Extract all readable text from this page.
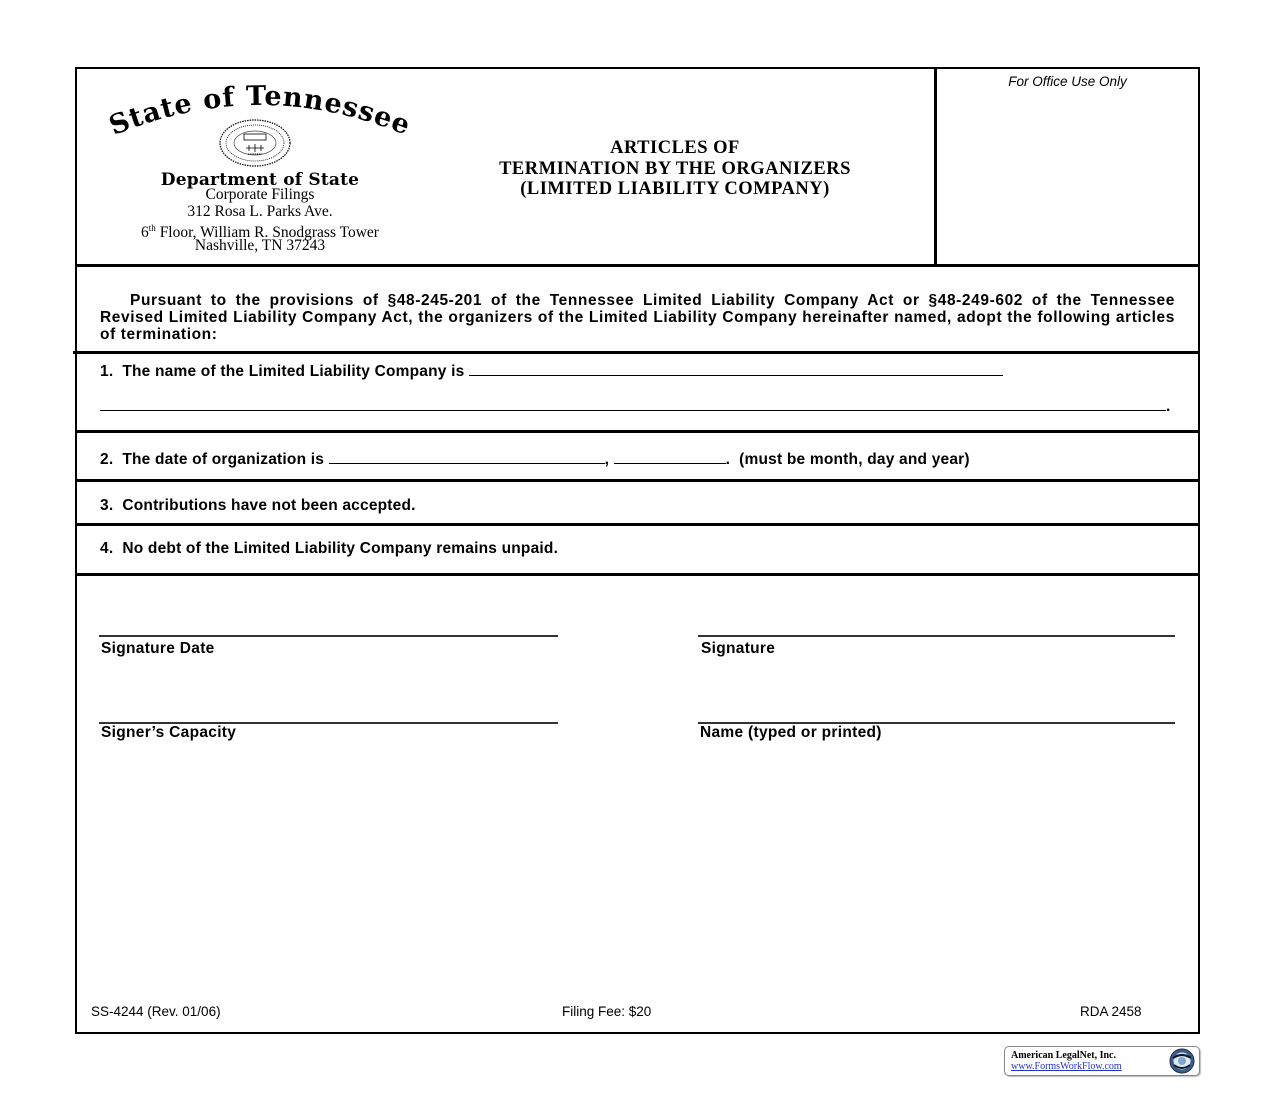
State of Tennessee
Department of State
Corporate Filings
312 Rosa L. Parks Ave.
6th Floor, William R. Snodgrass Tower
Nashville, TN 37243
ARTICLES OF
TERMINATION BY THE ORGANIZERS
(LIMITED LIABILITY COMPANY)
For Office Use Only
Pursuant to the provisions of §48-245-201 of the Tennessee Limited Liability Company Act or §48-249-602 of the Tennessee Revised Limited Liability Company Act, the organizers of the Limited Liability Company hereinafter named, adopt the following articles of termination:
1. The name of the Limited Liability Company is
.
2. The date of organization is	,	.  (must be month, day and year)
3. Contributions have not been accepted.
4. No debt of the Limited Liability Company remains unpaid.
Signature Date	Signature
Signer’s Capacity	Name (typed or printed)
SS-4244 (Rev. 01/06)	Filing Fee: $20	RDA 2458
American LegalNet, Inc.
www.FormsWorkFlow.com
